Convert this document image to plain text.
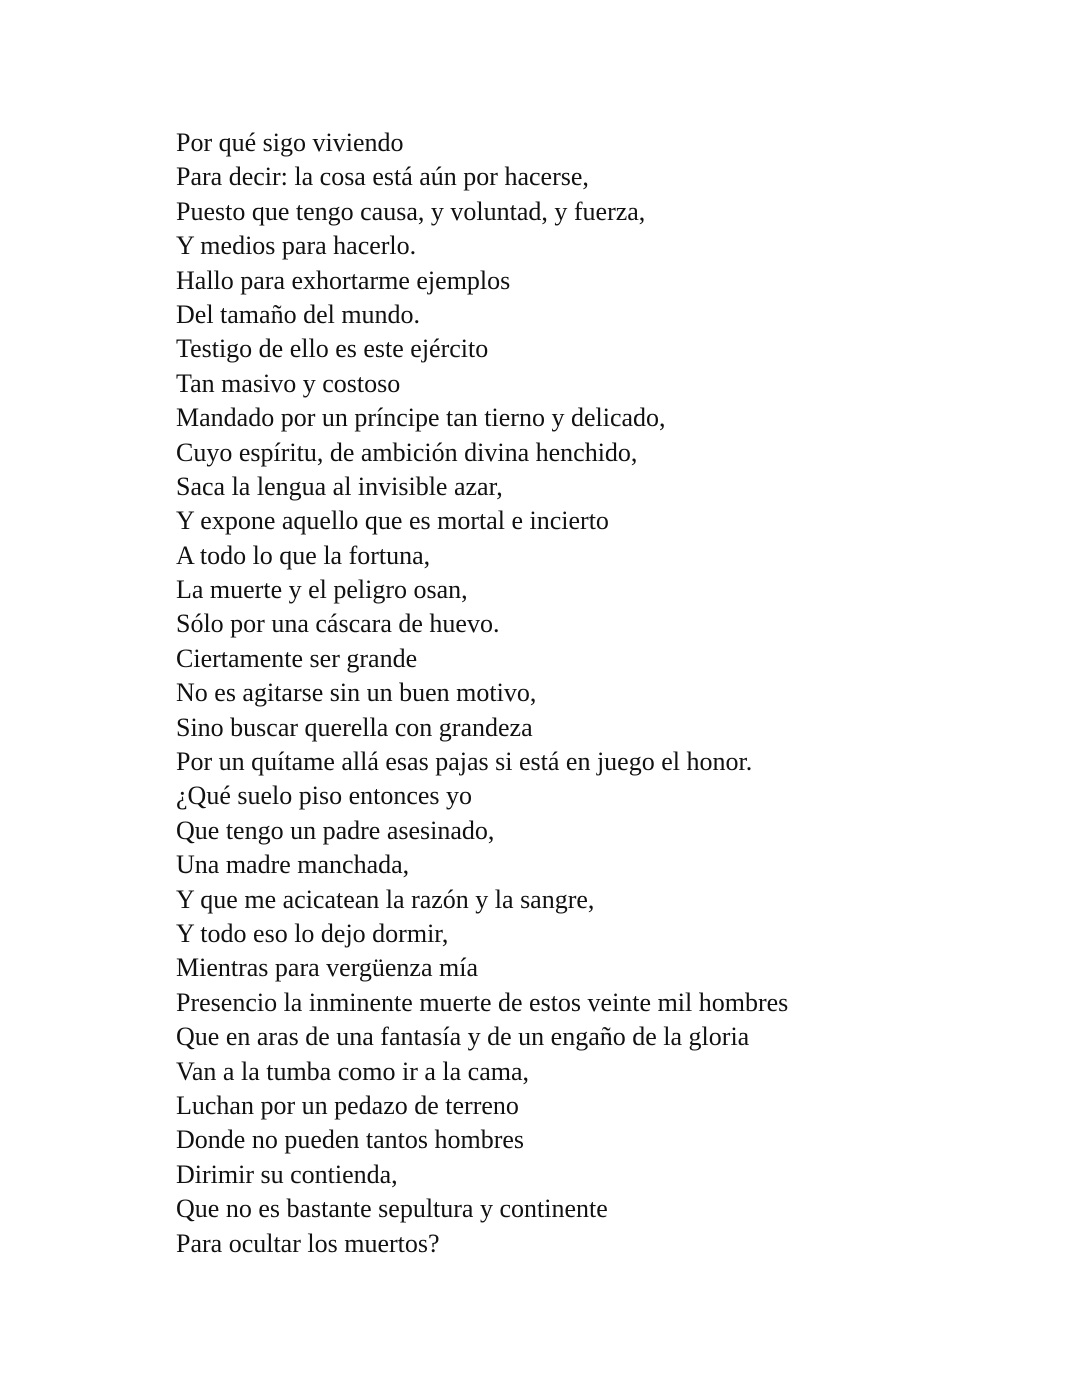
Por qué sigo viviendo
Para decir: la cosa está aún por hacerse,
Puesto que tengo causa, y voluntad, y fuerza,
Y medios para hacerlo.
Hallo para exhortarme ejemplos
Del tamaño del mundo.
Testigo de ello es este ejército
Tan masivo y costoso
Mandado por un príncipe tan tierno y delicado,
Cuyo espíritu, de ambición divina henchido,
Saca la lengua al invisible azar,
Y expone aquello que es mortal e incierto
A todo lo que la fortuna,
La muerte y el peligro osan,
Sólo por una cáscara de huevo.
Ciertamente ser grande
No es agitarse sin un buen motivo,
Sino buscar querella con grandeza
Por un quítame allá esas pajas si está en juego el honor.
¿Qué suelo piso entonces yo
Que tengo un padre asesinado,
Una madre manchada,
Y que me acicatean la razón y la sangre,
Y todo eso lo dejo dormir,
Mientras para vergüenza mía
Presencio la inminente muerte de estos veinte mil hombres
Que en aras de una fantasía y de un engaño de la gloria
Van a la tumba como ir a la cama,
Luchan por un pedazo de terreno
Donde no pueden tantos hombres
Dirimir su contienda,
Que no es bastante sepultura y continente
Para ocultar los muertos?
